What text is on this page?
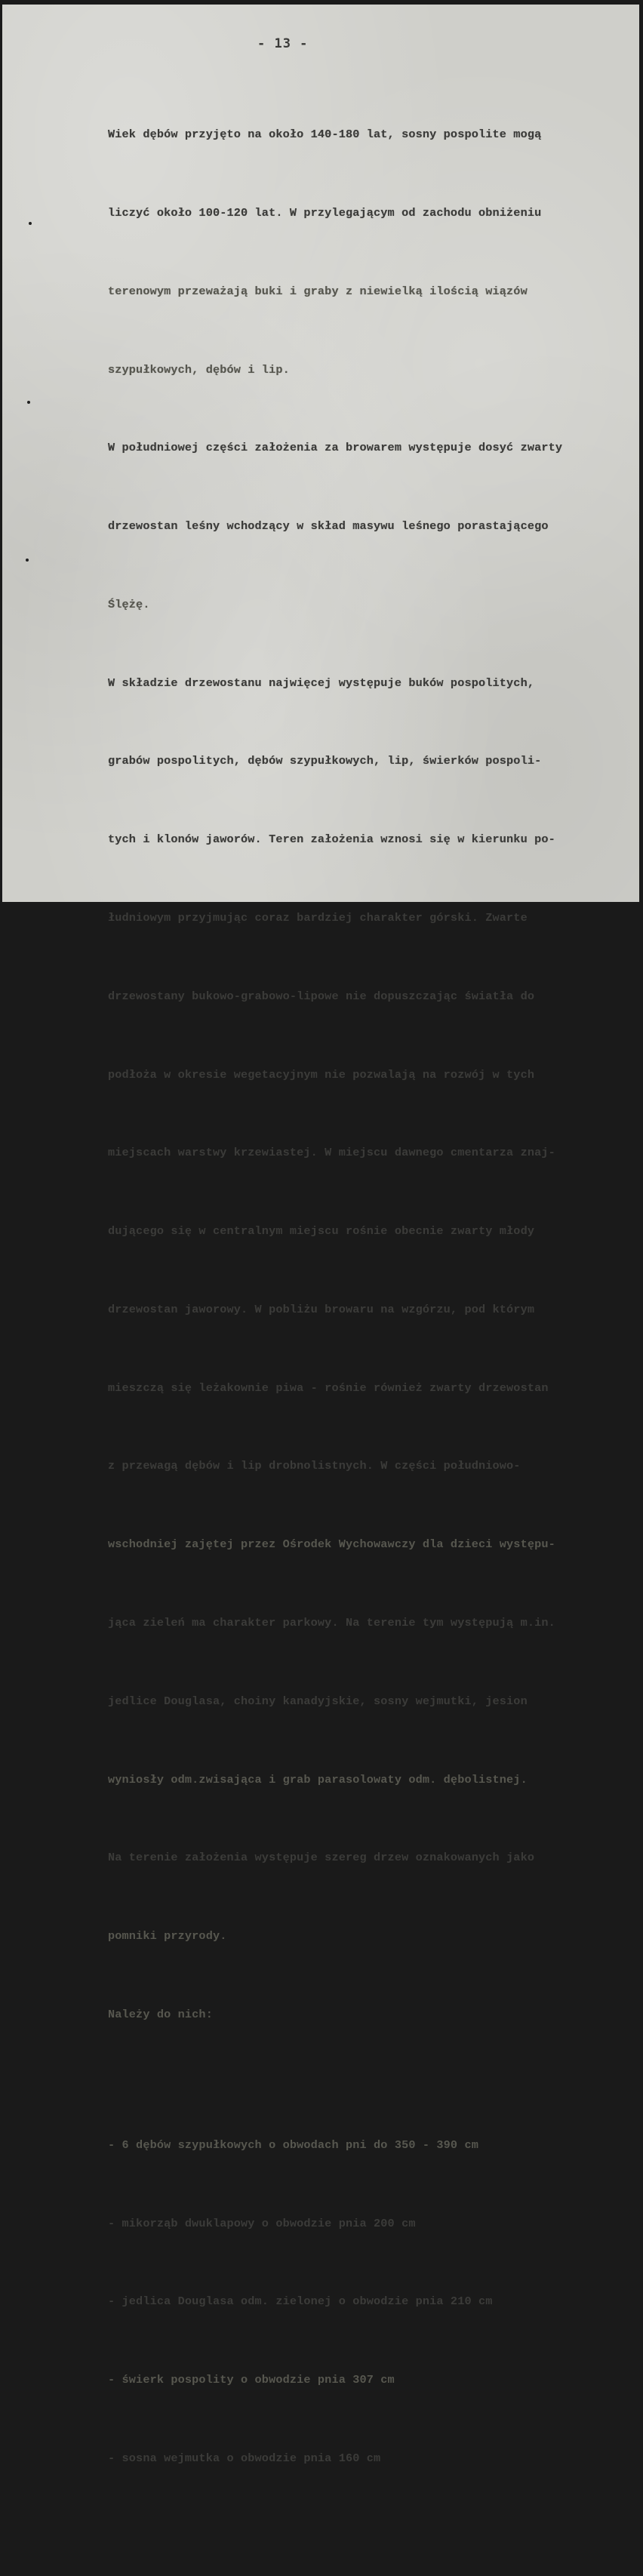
- 13 -

Wiek dębów przyjęto na około 140-180 lat, sosny pospolite mogą

liczyć około 100-120 lat. W przylegającym od zachodu obniżeniu

terenowym przeważają buki i graby z niewielką ilością wiązów

szypułkowych, dębów i lip.

W południowej części założenia za browarem występuje dosyć zwarty

drzewostan leśny wchodzący w skład masywu leśnego porastającego

Ślężę.

W składzie drzewostanu najwięcej występuje buków pospolitych,

grabów pospolitych, dębów szypułkowych, lip, świerków pospoli-

tych i klonów jaworów. Teren założenia wznosi się w kierunku po-

łudniowym przyjmując coraz bardziej charakter górski. Zwarte

drzewostany bukowo-grabowo-lipowe nie dopuszczając światła do

podłoża w okresie wegetacyjnym nie pozwalają na rozwój w tych

miejscach warstwy krzewiastej. W miejscu dawnego cmentarza znaj-

dującego się w centralnym miejscu rośnie obecnie zwarty młody

drzewostan jaworowy. W pobliżu browaru na wzgórzu, pod którym

mieszczą się leżakownie piwa - rośnie również zwarty drzewostan

z przewagą dębów i lip drobnolistnych. W części południowo-

wschodniej zajętej przez Ośrodek Wychowawczy dla dzieci występu-

jąca zieleń ma charakter parkowy. Na terenie tym występują m.in.

jedlice Douglasa, choiny kanadyjskie, sosny wejmutki, jesion

wyniosły odm.zwisająca i grab parasolowaty odm. dębolistnej.

Na terenie założenia występuje szereg drzew oznakowanych jako

pomniki przyrody.

Należy do nich:

- 6 dębów szypułkowych o obwodach pni do 350 - 390 cm

- mikorząb dwuklapowy o obwodzie pnia 200 cm

- jedlica Douglasa odm. zielonej o obwodzie pnia 210 cm

- świerk pospolity o obwodzie pnia 307 cm

- sosna wejmutka o obwodzie pnia 160 cm
